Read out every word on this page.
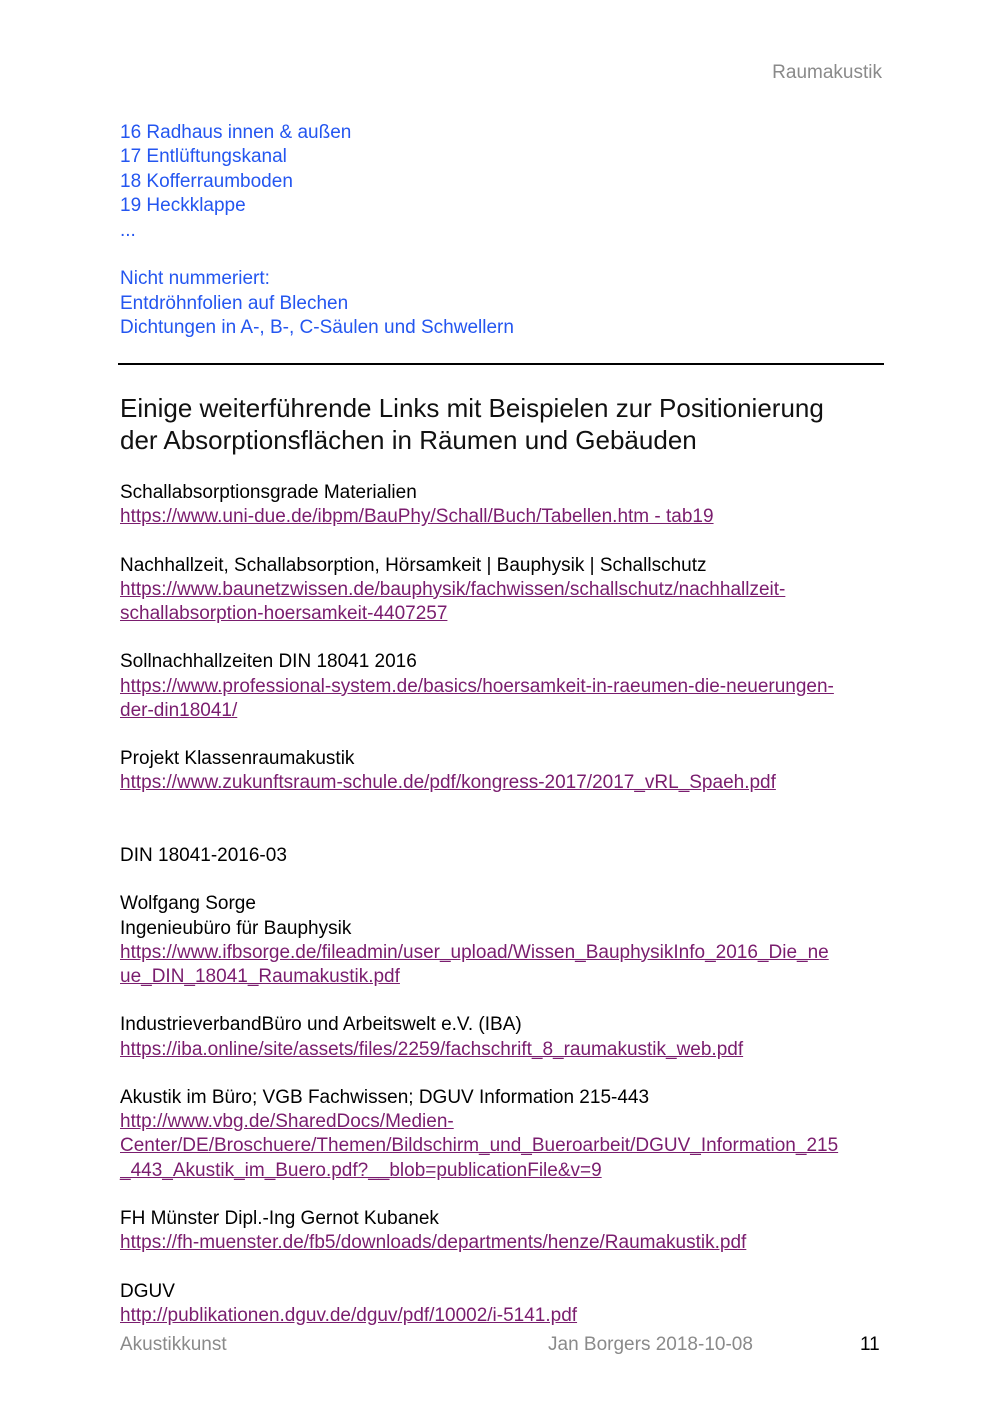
Raumakustik
16 Radhaus innen & außen
17 Entlüftungskanal
18 Kofferraumboden
19 Heckklappe
...
Nicht nummeriert:
Entdröhnfolien auf Blechen
Dichtungen in A-, B-, C-Säulen und Schwellern
Einige weiterführende Links mit Beispielen zur Positionierung
der Absorptionsflächen in Räumen und Gebäuden
Schallabsorptionsgrade Materialien
https://www.uni-due.de/ibpm/BauPhy/Schall/Buch/Tabellen.htm - tab19
Nachhallzeit, Schallabsorption, Hörsamkeit | Bauphysik | Schallschutz
https://www.baunetzwissen.de/bauphysik/fachwissen/schallschutz/nachhallzeit-
schallabsorption-hoersamkeit-4407257
Sollnachhallzeiten DIN 18041 2016
https://www.professional-system.de/basics/hoersamkeit-in-raeumen-die-neuerungen-
der-din18041/
Projekt Klassenraumakustik
https://www.zukunftsraum-schule.de/pdf/kongress-2017/2017_vRL_Spaeh.pdf
DIN 18041-2016-03
Wolfgang Sorge
Ingenieubüro für Bauphysik
https://www.ifbsorge.de/fileadmin/user_upload/Wissen_BauphysikInfo_2016_Die_ne
ue_DIN_18041_Raumakustik.pdf
IndustrieverbandBüro und Arbeitswelt e.V. (IBA)
https://iba.online/site/assets/files/2259/fachschrift_8_raumakustik_web.pdf
Akustik im Büro; VGB Fachwissen; DGUV Information 215-443
http://www.vbg.de/SharedDocs/Medien-
Center/DE/Broschuere/Themen/Bildschirm_und_Bueroarbeit/DGUV_Information_215
_443_Akustik_im_Buero.pdf?__blob=publicationFile&v=9
FH Münster Dipl.-Ing Gernot Kubanek
https://fh-muenster.de/fb5/downloads/departments/henze/Raumakustik.pdf
DGUV
http://publikationen.dguv.de/dguv/pdf/10002/i-5141.pdf
Akustikkunst	Jan Borgers 2018-10-08	11
